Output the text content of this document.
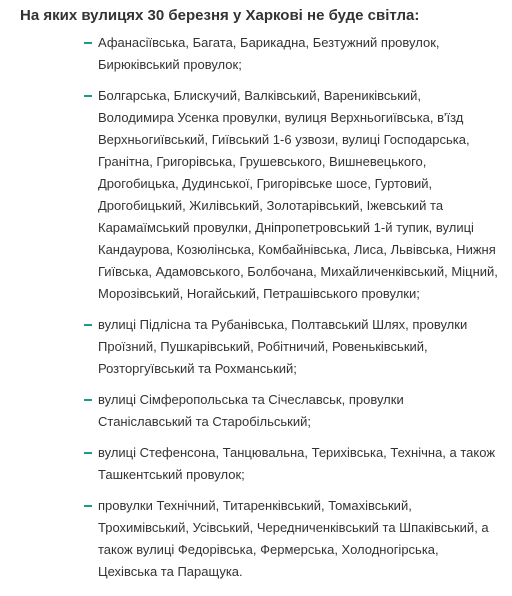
На яких вулицях 30 березня у Харкові не буде світла:
Афанасіївська, Багата, Барикадна, Безтужний провулок, Бирюківський провулок;
Болгарська, Блискучий, Валківський, Варениківський, Володимира Усенка провулки, вулиця Верхньогиївська, в'їзд Верхньогиївський, Гиївський 1-6 узвози, вулиці Господарська, Гранітна, Григорівська, Грушевського, Вишневецького, Дрогобицька, Дудинської, Григорівське шосе, Гуртовий, Дрогобицький, Жилівський, Золотарівський, Іжевський та Карамаїмський провулки, Дніпропетровський 1-й тупик, вулиці Кандаурова, Козюлінська, Комбайнівська, Лиса, Львівська, Нижня Гиївська, Адамовського, Болбочана, Михайличенківський, Міцний, Морозівський, Ногайський, Петрашівського провулки;
вулиці Підлісна та Рубанівська, Полтавський Шлях, провулки Проїзний, Пушкарівський, Робітничий, Ровеньківський, Розторгуївський та Рохманський;
вулиці Сімферопольська та Січеславськ, провулки Станіславський та Старобільський;
вулиці Стефенсона, Танцювальна, Терихівська, Технічна, а також Ташкентський провулок;
провулки Технічний, Титаренківський, Томахівський, Трохимівський, Усівський, Чередниченківський та Шпаківський, а також вулиці Федорівська, Фермерська, Холодногірська, Цехівська та Паращука.
